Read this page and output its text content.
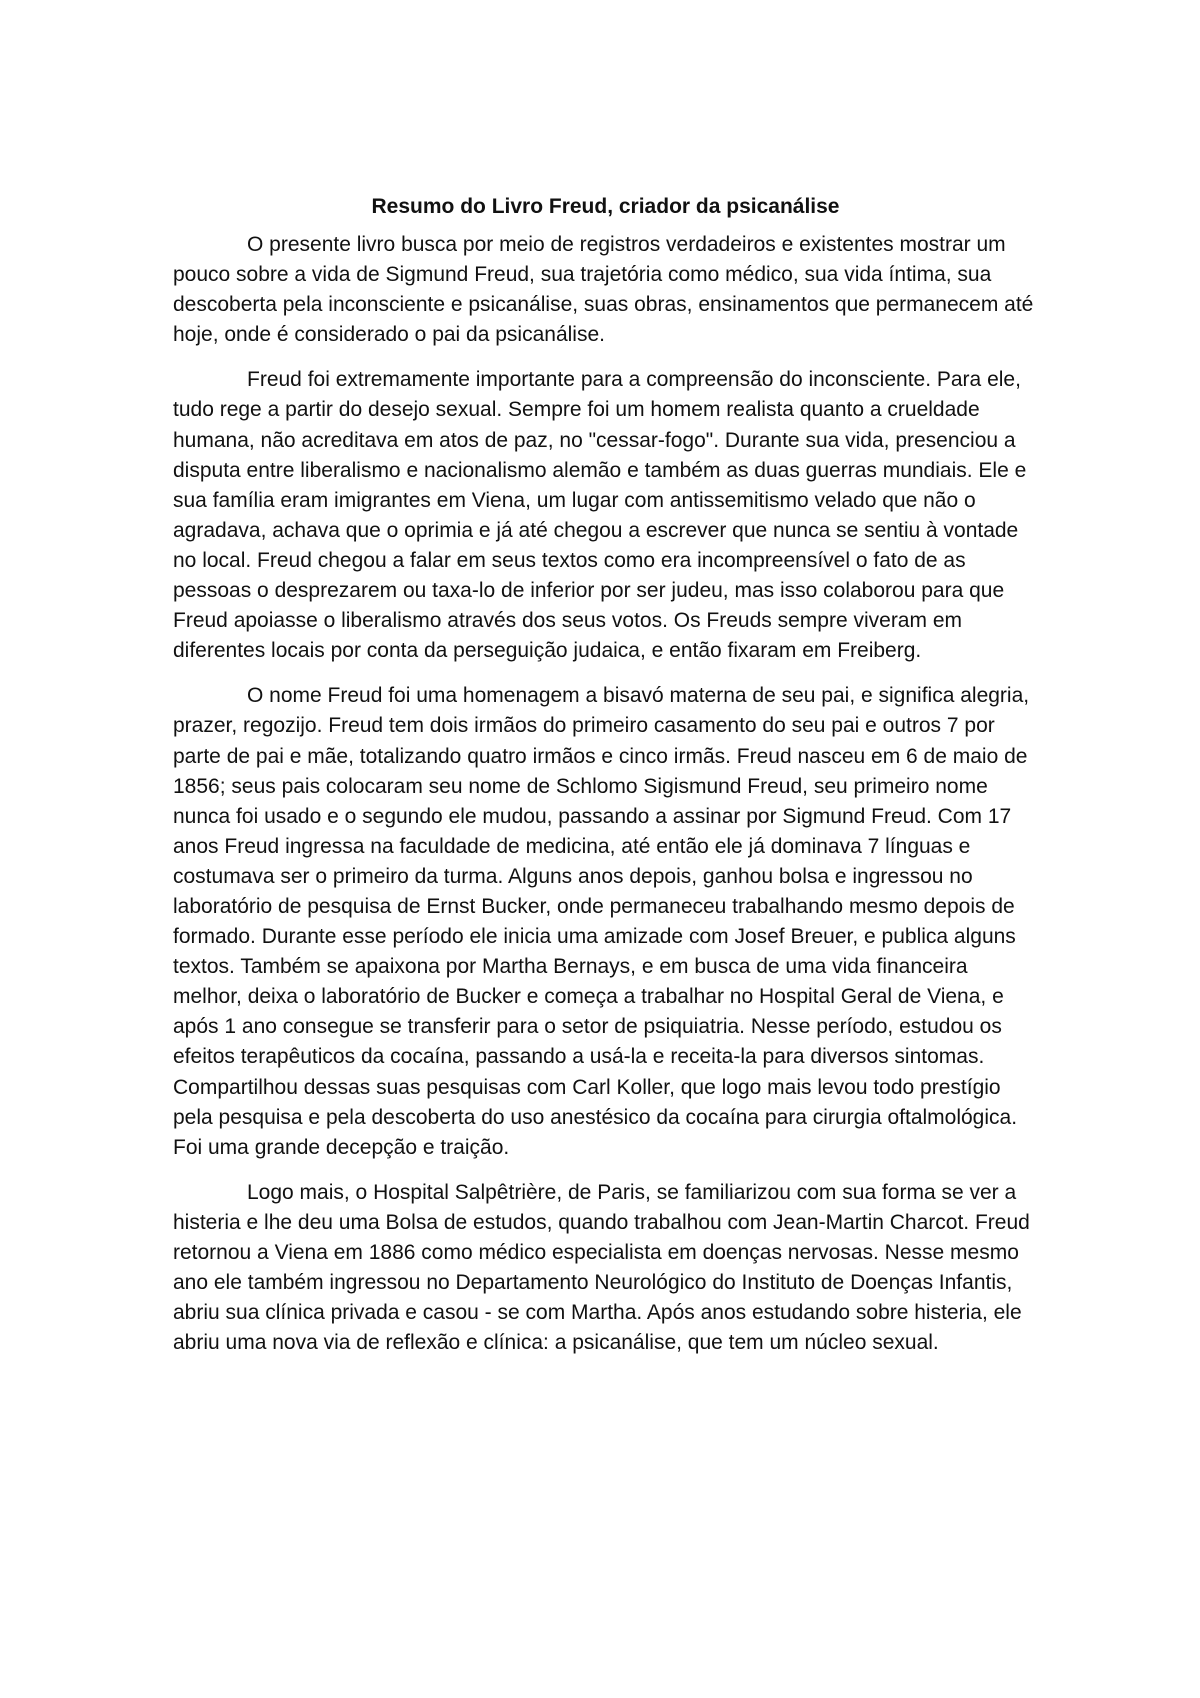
Resumo do Livro Freud, criador da psicanálise

O presente livro busca por meio de registros verdadeiros e existentes mostrar um pouco sobre a vida de Sigmund Freud, sua trajetória como médico, sua vida íntima, sua descoberta pela inconsciente e psicanálise, suas obras, ensinamentos que permanecem até hoje, onde é considerado o pai da psicanálise.

Freud foi extremamente importante para a compreensão do inconsciente. Para ele, tudo rege a partir do desejo sexual. Sempre foi um homem realista quanto a crueldade humana, não acreditava em atos de paz, no "cessar-fogo". Durante sua vida, presenciou a disputa entre liberalismo e nacionalismo alemão e também as duas guerras mundiais. Ele e sua família eram imigrantes em Viena, um lugar com antissemitismo velado que não o agradava, achava que o oprimia e já até chegou a escrever que nunca se sentiu à vontade no local. Freud chegou a falar em seus textos como era incompreensível o fato de as pessoas o desprezarem ou taxa-lo de inferior por ser judeu, mas isso colaborou para que Freud apoiasse o liberalismo através dos seus votos. Os Freuds sempre viveram em diferentes locais por conta da perseguição judaica, e então fixaram em Freiberg.

O nome Freud foi uma homenagem a bisavó materna de seu pai, e significa alegria, prazer, regozijo. Freud tem dois irmãos do primeiro casamento do seu pai e outros 7 por parte de pai e mãe, totalizando quatro irmãos e cinco irmãs. Freud nasceu em 6 de maio de 1856; seus pais colocaram seu nome de Schlomo Sigismund Freud, seu primeiro nome nunca foi usado e o segundo ele mudou, passando a assinar por Sigmund Freud. Com 17 anos Freud ingressa na faculdade de medicina, até então ele já dominava 7 línguas e costumava ser o primeiro da turma. Alguns anos depois, ganhou bolsa e ingressou no laboratório de pesquisa de Ernst Bucker, onde permaneceu trabalhando mesmo depois de formado. Durante esse período ele inicia uma amizade com Josef Breuer, e publica alguns textos. Também se apaixona por Martha Bernays, e em busca de uma vida financeira melhor, deixa o laboratório de Bucker e começa a trabalhar no Hospital Geral de Viena, e após 1 ano consegue se transferir para o setor de psiquiatria. Nesse período, estudou os efeitos terapêuticos da cocaína, passando a usá-la e receita-la para diversos sintomas. Compartilhou dessas suas pesquisas com Carl Koller, que logo mais levou todo prestígio pela pesquisa e pela descoberta do uso anestésico da cocaína para cirurgia oftalmológica. Foi uma grande decepção e traição.

Logo mais, o Hospital Salpêtrière, de Paris, se familiarizou com sua forma se ver a histeria e lhe deu uma Bolsa de estudos, quando trabalhou com Jean-Martin Charcot. Freud retornou a Viena em 1886 como médico especialista em doenças nervosas. Nesse mesmo ano ele também ingressou no Departamento Neurológico do Instituto de Doenças Infantis, abriu sua clínica privada e casou - se com Martha. Após anos estudando sobre histeria, ele abriu uma nova via de reflexão e clínica: a psicanálise, que tem um núcleo sexual.
